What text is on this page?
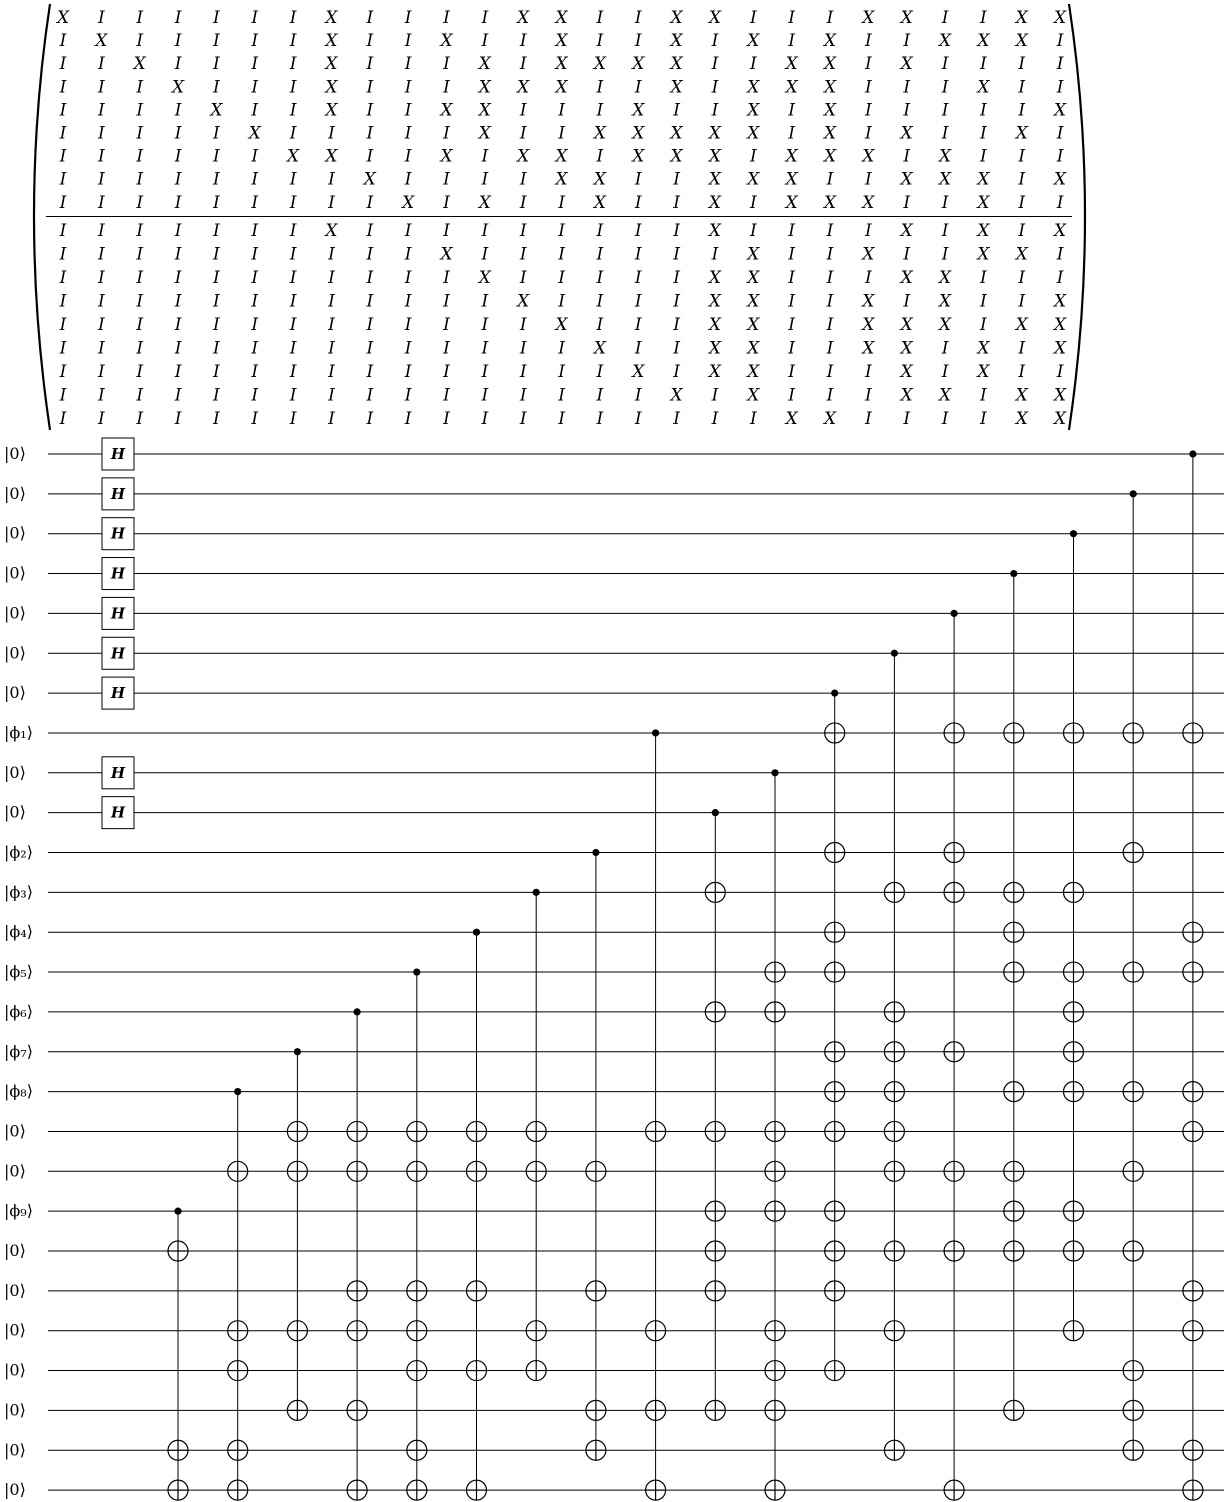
X I I I I I I X I I I I X X I I X X I I I X X I I X X
I X I I I I I X I I X I I X I I X I X I X I I X X X I
I I X I I I I X I I I X I X X X X I I X X I X I I I I
I I I X I I I X I I I X X X I I X I X X X I I I X I I
I I I I X I I X I I X X I I I X I I X I X I I I I I X
I I I I I X I I I I I X I I X X X X X I X I X I I X I
I I I I I I X X I I X I X X I X X X I X X X I X I I I
I I I I I I I I X I I I I X X I I X X X I I X X X I X
I I I I I I I I I X I X I I X I I X I X X X I I X I I
I I I I I I I X I I I I I I I I I X I I I I X I X I X
I I I I I I I I I I X I I I I I I I X I I X I I X X I
I I I I I I I I I I I X I I I I I X X I I I X X I I I
I I I I I I I I I I I I X I I I I X X I I X I X I I X
I I I I I I I I I I I I I X I I I X X I I X X X I X X
I I I I I I I I I I I I I I X I I X X I I X X I X I X
I I I I I I I I I I I I I I I X I X X I I I X I X I I
I I I I I I I I I I I I I I I I X I X I I I X X I X X
I I I I I I I I I I I I I I I I I I I X X I I I I X X
|0⟩	H
|0⟩	H
|0⟩	H
|0⟩	H
|0⟩	H
|0⟩	H
|0⟩	H
|ϕ₁⟩
|0⟩	H
|0⟩	H
|ϕ₂⟩
|ϕ₃⟩
|ϕ₄⟩
|ϕ₅⟩
|ϕ₆⟩
|ϕ₇⟩
|ϕ₈⟩
|0⟩
|0⟩
|ϕ₉⟩
|0⟩
|0⟩
|0⟩
|0⟩
|0⟩
|0⟩
|0⟩
